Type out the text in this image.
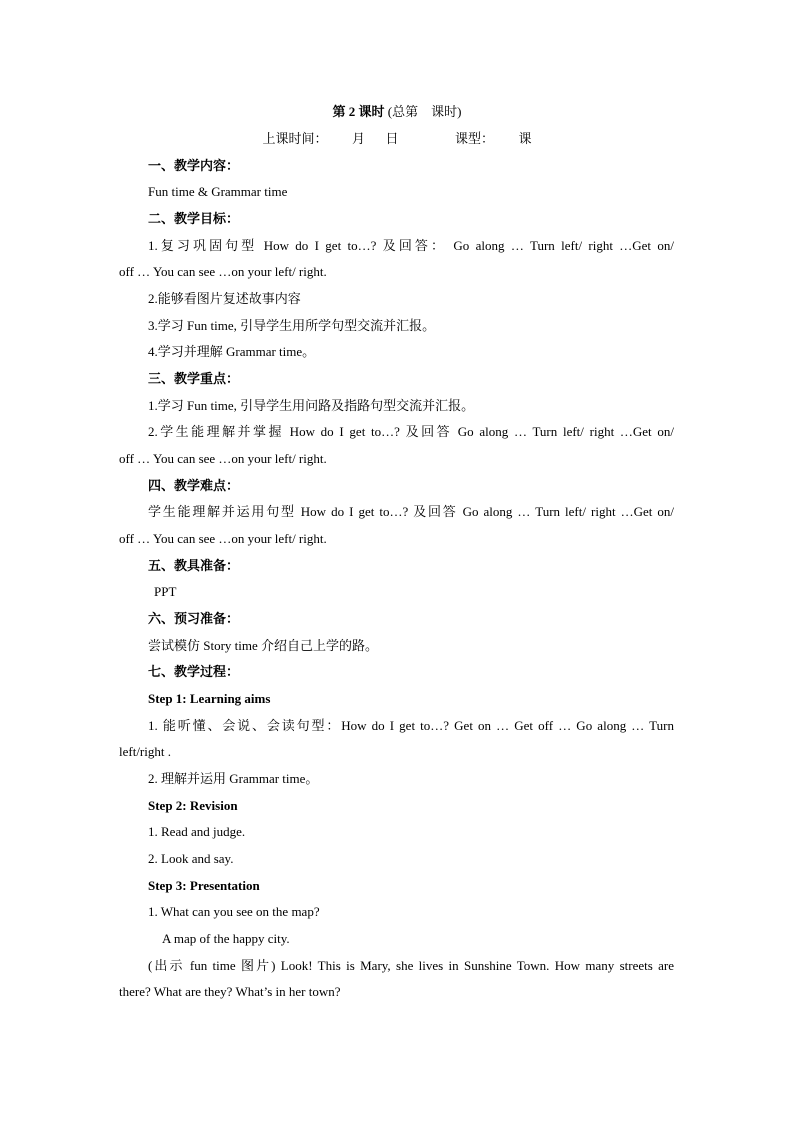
第 2 课时 (总第　课时)
上课时间： 月 日	课型： 课
一、教学内容：
Fun time & Grammar time
二、教学目标：
1.复习巩固句型 How do I get to…? 及回答： Go along … Turn left/ right …Get on/
off … You can see …on your left/ right.
2.能够看图片复述故事内容
3.学习 Fun time, 引导学生用所学句型交流并汇报。
4.学习并理解 Grammar time。
三、教学重点：
1.学习 Fun time, 引导学生用问路及指路句型交流并汇报。
2.学生能理解并掌握 How do I get to…? 及回答 Go along … Turn left/ right …Get on/
off … You can see …on your left/ right.
四、教学难点：
学生能理解并运用句型 How do I get to…? 及回答 Go along … Turn left/ right …Get on/
off … You can see …on your left/ right.
五、教具准备：
PPT
六、预习准备：
尝试模仿 Story time 介绍自己上学的路。
七、教学过程：
Step 1: Learning aims
1. 能听懂、会说、会读句型：How do I get to…? Get on … Get off … Go along … Turn
left/right .
2. 理解并运用 Grammar time。
Step 2: Revision
1. Read and judge.
2. Look and say.
Step 3: Presentation
1. What can you see on the map?
A map of the happy city.
(出示 fun time 图片) Look! This is Mary, she lives in Sunshine Town. How many streets are
there? What are they? What’s in her town?
